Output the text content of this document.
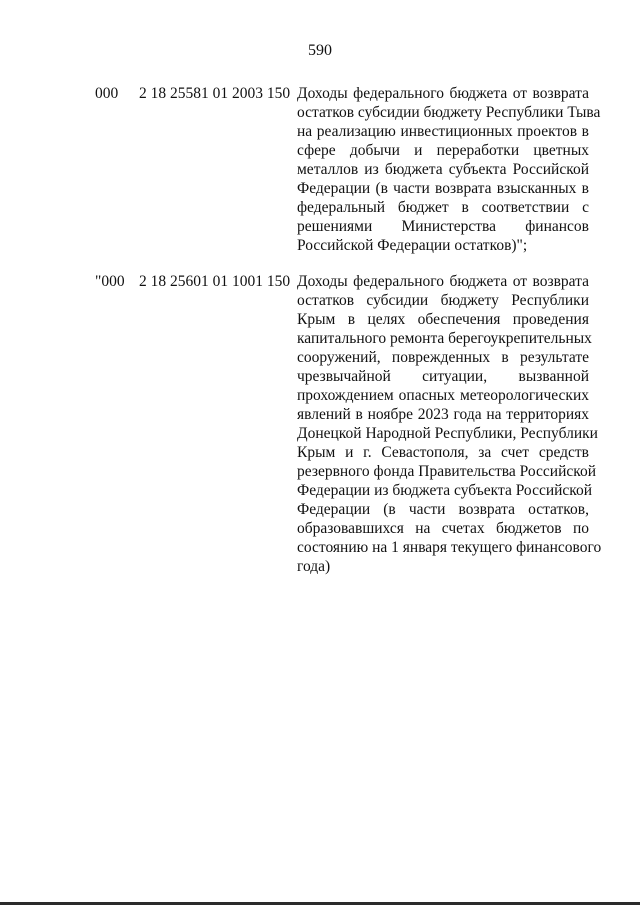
590
000 2 18 25581 01 2003 150 Доходы федерального бюджета от возврата
остатков субсидии бюджету Республики Тыва
на реализацию инвестиционных проектов в
сфере добычи и переработки цветных
металлов из бюджета субъекта Российской
Федерации (в части возврата взысканных в
федеральный бюджет в соответствии с
решениями Министерства финансов
Российской Федерации остатков)";
"000 2 18 25601 01 1001 150 Доходы федерального бюджета от возврата
остатков субсидии бюджету Республики
Крым в целях обеспечения проведения
капитального ремонта берегоукрепительных
сооружений, поврежденных в результате
чрезвычайной ситуации, вызванной
прохождением опасных метеорологических
явлений в ноябре 2023 года на территориях
Донецкой Народной Республики, Республики
Крым и г. Севастополя, за счет средств
резервного фонда Правительства Российской
Федерации из бюджета субъекта Российской
Федерации (в части возврата остатков,
образовавшихся на счетах бюджетов по
состоянию на 1 января текущего финансового
года)
